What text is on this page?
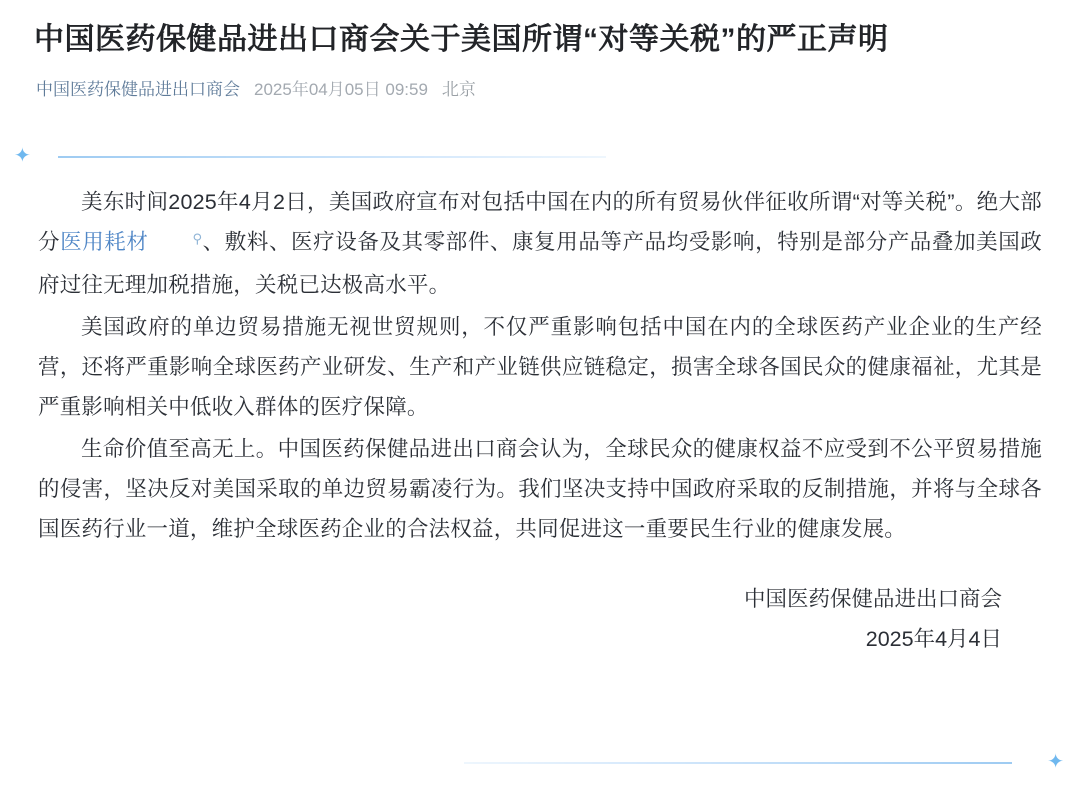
中国医药保健品进出口商会关于美国所谓“对等关税”的严正声明
中国医药保健品进出口商会 2025年04月05日 09:59 北京
✦

美东时间2025年4月2日，美国政府宣布对包括中国在内的所有贸易伙伴征收所谓“对等关税”。绝大部分医用耗材	⚲、敷料、医疗设备及其零部件、康复用品等产品均受影响，特别是部分产品叠加美国政府过往无理加税措施，关税已达极高水平。

美国政府的单边贸易措施无视世贸规则，不仅严重影响包括中国在内的全球医药产业企业的生产经营，还将严重影响全球医药产业研发、生产和产业链供应链稳定，损害全球各国民众的健康福祉，尤其是严重影响相关中低收入群体的医疗保障。

生命价值至高无上。中国医药保健品进出口商会认为，全球民众的健康权益不应受到不公平贸易措施的侵害，坚决反对美国采取的单边贸易霸凌行为。我们坚决支持中国政府采取的反制措施，并将与全球各国医药行业一道，维护全球医药企业的合法权益，共同促进这一重要民生行业的健康发展。

中国医药保健品进出口商会
2025年4月4日
✦
